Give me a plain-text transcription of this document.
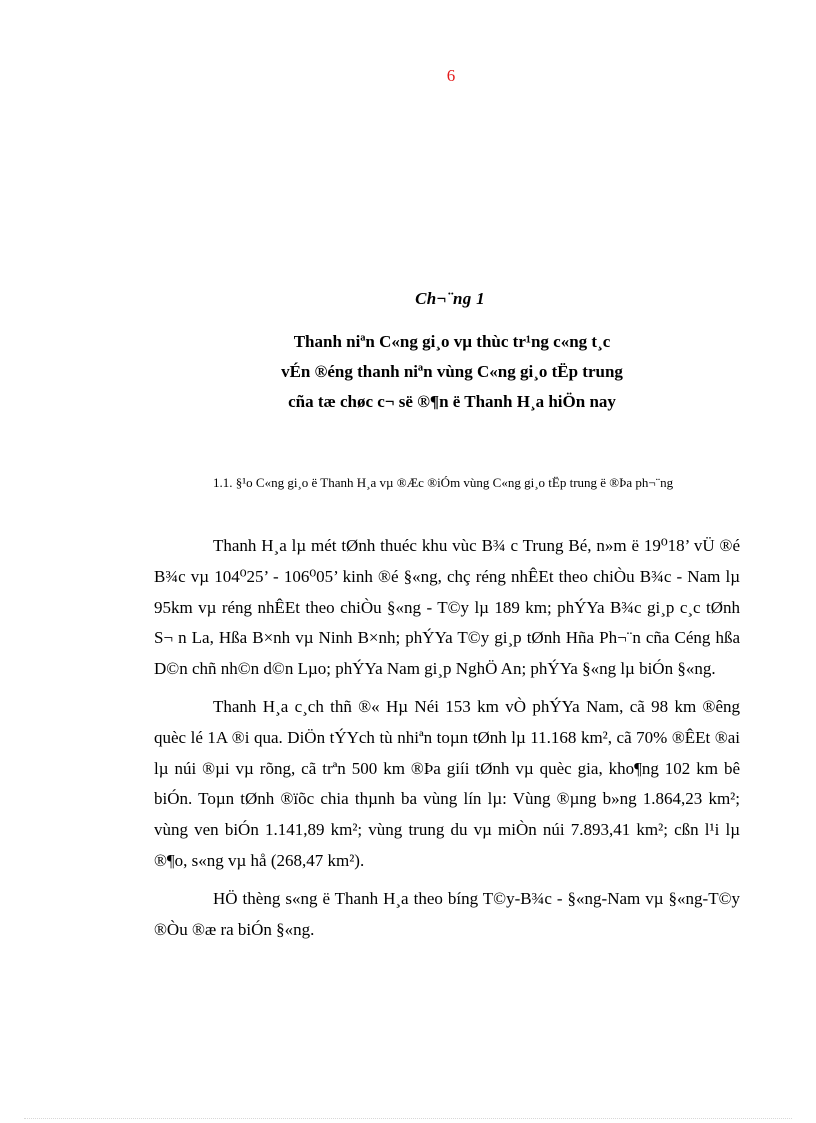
6
Ch¬¨ng 1
Thanh niªn C«ng gi¸o vµ thùc tr¹ng c«ng t¸c
vÉn ®éng thanh niªn vùng C«ng gi¸o tËp trung
cña tæ chøc c¬ së ®¶n ë Thanh H¸a hiÖn nay
1.1. §¹o C«ng gi¸o ë Thanh H¸a vµ ®Æc ®iÓm vùng C«ng gi¸o tËp trung ë ®Þa ph¬¨ng

Thanh H¸a lµ mét tØnh thuéc khu vùc B¾ c Trung Bé, n»m ë 19⁰18’ vÜ ®é B¾c vµ 104⁰25’ - 106⁰05’ kinh ®é §«ng, chç réng nhÊEt theo chiÒu B¾c - Nam lµ 95km vµ réng nhÊEt theo chiÒu §«ng - T©y lµ 189 km; phÝYa B¾c gi¸p c¸c tØnh S¬ n La, Hßa B×nh vµ Ninh B×nh; phÝYa T©y gi¸p tØnh Hña Ph¬¨n cña Céng hßa D©n chñ nh©n d©n Lµo; phÝYa Nam gi¸p NghÖ An; phÝYa §«ng lµ biÓn §«ng.

Thanh H¸a c¸ch thñ ®« Hµ Néi 153 km vÒ phÝYa Nam, cã 98 km ®êng quèc lé 1A ®i qua. DiÖn tÝYch tù nhiªn toµn tØnh lµ 11.168 km², cã 70% ®ÊEt ®ai lµ núi ®µi vµ rõng, cã trªn 500 km ®Þa giíi tØnh vµ quèc gia, kho¶ng 102 km bê biÓn. Toµn tØnh ®ïõc chia thµnh ba vùng lín lµ: Vùng ®µng b»ng 1.864,23 km²; vùng ven biÓn 1.141,89 km²; vùng trung du vµ miÒn núi 7.893,41 km²; cßn l¹i lµ ®¶o, s«ng vµ hå (268,47 km²).

HÖ thèng s«ng ë Thanh H¸a theo bíng T©y-B¾c - §«ng-Nam vµ §«ng-T©y ®Òu ®æ ra biÓn §«ng.
